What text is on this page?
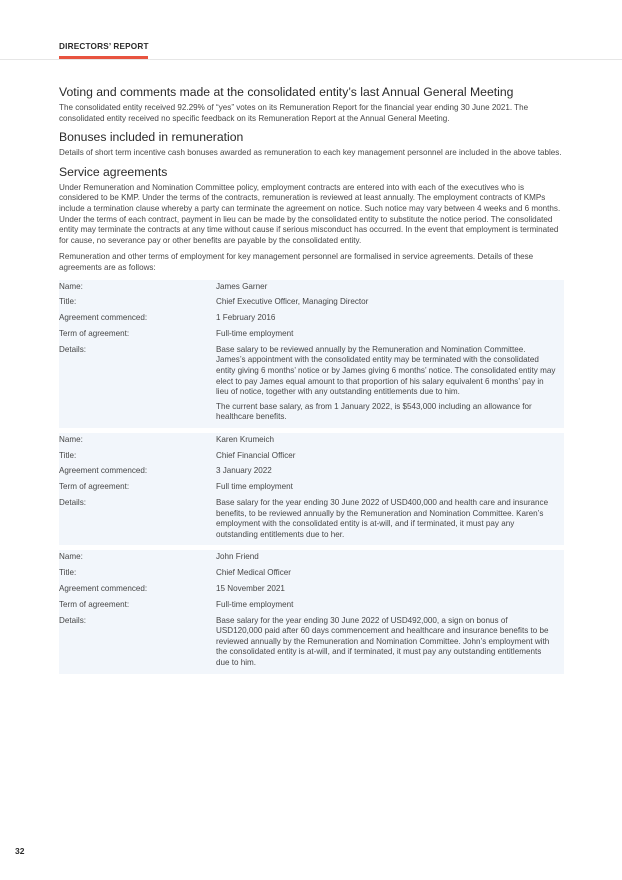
DIRECTORS’ REPORT
Voting and comments made at the consolidated entity’s last Annual General Meeting

The consolidated entity received 92.29% of “yes” votes on its Remuneration Report for the financial year ending 30 June 2021. The consolidated entity received no specific feedback on its Remuneration Report at the Annual General Meeting.

Bonuses included in remuneration

Details of short term incentive cash bonuses awarded as remuneration to each key management personnel are included in the above tables.

Service agreements

Under Remuneration and Nomination Committee policy, employment contracts are entered into with each of the executives who is considered to be KMP. Under the terms of the contracts, remuneration is reviewed at least annually. The employment contracts of KMPs include a termination clause whereby a party can terminate the agreement on notice. Such notice may vary between 4 weeks and 6 months. Under the terms of each contract, payment in lieu can be made by the consolidated entity to substitute the notice period. The consolidated entity may terminate the contracts at any time without cause if serious misconduct has occurred. In the event that employment is terminated for cause, no severance pay or other benefits are payable by the consolidated entity.

Remuneration and other terms of employment for key management personnel are formalised in service agreements. Details of these agreements are as follows:

Name:	James Garner
Title:	Chief Executive Officer, Managing Director
Agreement commenced:	1 February 2016
Term of agreement:	Full-time employment
Details:	Base salary to be reviewed annually by the Remuneration and Nomination Committee. James’s appointment with the consolidated entity may be terminated with the consolidated entity giving 6 months’ notice or by James giving 6 months’ notice. The consolidated entity may elect to pay James equal amount to that proportion of his salary equivalent 6 months’ pay in lieu of notice, together with any outstanding entitlements due to him.

The current base salary, as from 1 January 2022, is $543,000 including an allowance for healthcare benefits.

Name:	Karen Krumeich
Title:	Chief Financial Officer
Agreement commenced:	3 January 2022
Term of agreement:	Full time employment
Details:	Base salary for the year ending 30 June 2022 of USD400,000 and health care and insurance benefits, to be reviewed annually by the Remuneration and Nomination Committee. Karen’s employment with the consolidated entity is at-will, and if terminated, it must pay any outstanding entitlements due to her.

Name:	John Friend
Title:	Chief Medical Officer
Agreement commenced:	15 November 2021
Term of agreement:	Full-time employment
Details:	Base salary for the year ending 30 June 2022 of USD492,000, a sign on bonus of USD120,000 paid after 60 days commencement and healthcare and insurance benefits to be reviewed annually by the Remuneration and Nomination Committee. John’s employment with the consolidated entity is at-will, and if terminated, it must pay any outstanding entitlements due to him.

32
